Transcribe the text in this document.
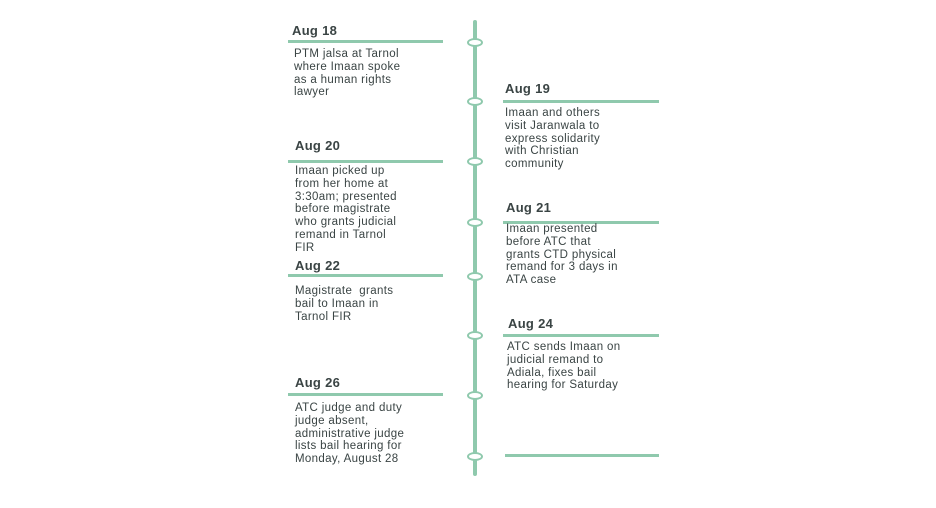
Aug 18
PTM jalsa at Tarnol
where Imaan spoke
as a human rights
lawyer	Aug 19
Imaan and others
visit Jaranwala to
express solidarity
with Christian
community
Aug 20
Imaan picked up
from her home at
3:30am; presented
before magistrate
who grants judicial
remand in Tarnol
FIR
Aug 21
Imaan presented
before ATC that
grants CTD physical
remand for 3 days in
ATA case
Aug 22
Magistrate  grants
bail to Imaan in
Tarnol FIR	Aug 24
ATC sends Imaan on
judicial remand to
Adiala, fixes bail
hearing for Saturday
Aug 26
ATC judge and duty
judge absent,
administrative judge
lists bail hearing for
Monday, August 28
